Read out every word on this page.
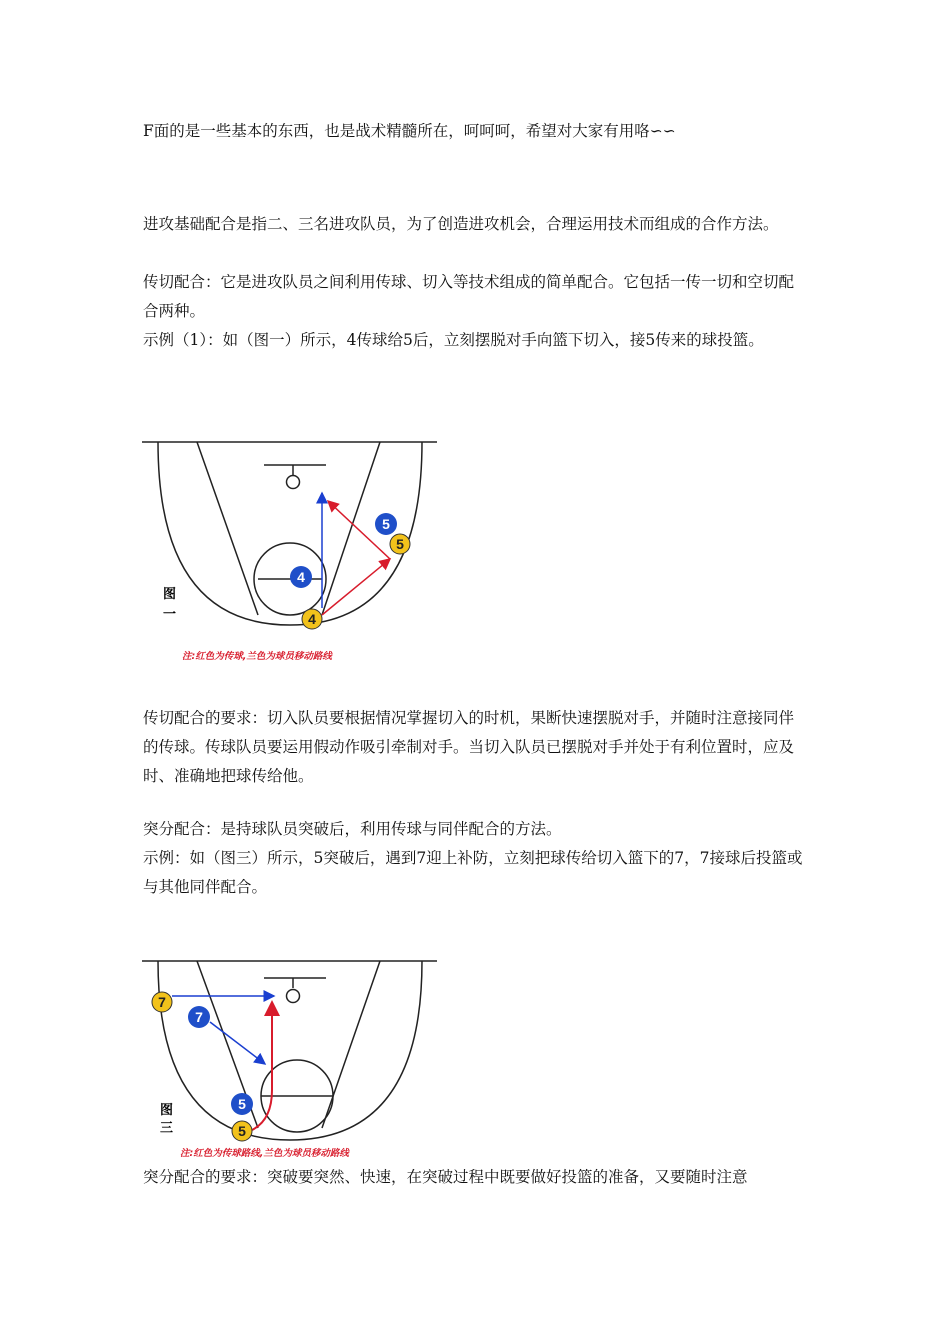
F面的是一些基本的东西，也是战术精髓所在，呵呵呵，希望对大家有用咯∽∽

进攻基础配合是指二、三名进攻队员，为了创造进攻机会，合理运用技术而组成的合作方法。

传切配合：它是进攻队员之间利用传球、切入等技术组成的简单配合。它包括一传一切和空切配合两种。

示例（1）：如（图一）所示，4传球给5后，立刻摆脱对手向篮下切入，接5传来的球投篮。

5
5
4
4
图
一
注:红色为传球,兰色为球员移动路线

传切配合的要求：切入队员要根据情况掌握切入的时机，果断快速摆脱对手，并随时注意接同伴的传球。传球队员要运用假动作吸引牵制对手。当切入队员已摆脱对手并处于有利位置时，应及时、准确地把球传给他。

突分配合：是持球队员突破后，利用传球与同伴配合的方法。

示例：如（图三）所示，5突破后，遇到7迎上补防，立刻把球传给切入篮下的7，7接球后投篮或与其他同伴配合。

7
7
5
5
图
三
注:红色为传球路线,兰色为球员移动路线

突分配合的要求：突破要突然、快速，在突破过程中既要做好投篮的准备，又要随时注意
